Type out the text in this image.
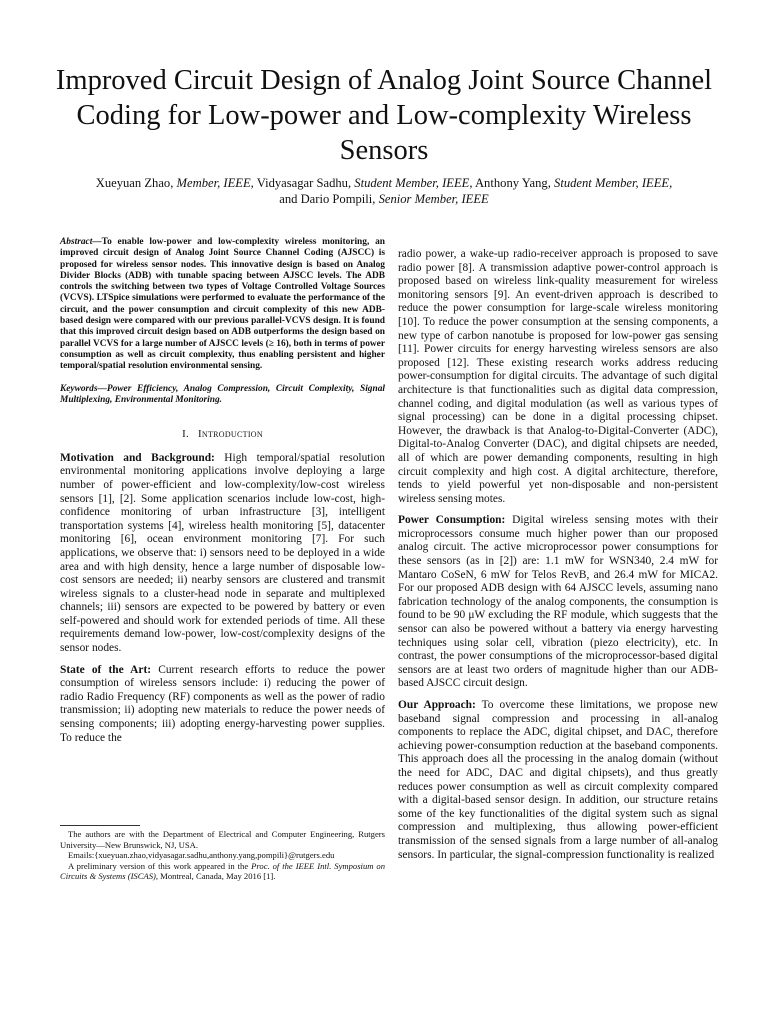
Improved Circuit Design of Analog Joint Source Channel Coding for Low-power and Low-complexity Wireless Sensors
Xueyuan Zhao, Member, IEEE, Vidyasagar Sadhu, Student Member, IEEE, Anthony Yang, Student Member, IEEE,
and Dario Pompili, Senior Member, IEEE

Abstract—To enable low-power and low-complexity wireless monitoring, an improved circuit design of Analog Joint Source Channel Coding (AJSCC) is proposed for wireless sensor nodes. This innovative design is based on Analog Divider Blocks (ADB) with tunable spacing between AJSCC levels. The ADB controls the switching between two types of Voltage Controlled Voltage Sources (VCVS). LTSpice simulations were performed to evaluate the performance of the circuit, and the power consumption and circuit complexity of this new ADB-based design were compared with our previous parallel-VCVS design. It is found that this improved circuit design based on ADB outperforms the design based on parallel VCVS for a large number of AJSCC levels (≥ 16), both in terms of power consumption as well as circuit complexity, thus enabling persistent and higher temporal/spatial resolution environmental sensing.

Keywords—Power Efficiency, Analog Compression, Circuit Complexity, Signal Multiplexing, Environmental Monitoring.

I. Introduction

Motivation and Background: High temporal/spatial resolution environmental monitoring applications involve deploying a large number of power-efficient and low-complexity/low-cost wireless sensors [1], [2]. Some application scenarios include low-cost, high-confidence monitoring of urban infrastructure [3], intelligent transportation systems [4], wireless health monitoring [5], datacenter monitoring [6], ocean environment monitoring [7]. For such applications, we observe that: i) sensors need to be deployed in a wide area and with high density, hence a large number of disposable low-cost sensors are needed; ii) nearby sensors are clustered and transmit wireless signals to a cluster-head node in separate and multiplexed channels; iii) sensors are expected to be powered by battery or even self-powered and should work for extended periods of time. All these requirements demand low-power, low-cost/complexity designs of the sensor nodes.

State of the Art: Current research efforts to reduce the power consumption of wireless sensors include: i) reducing the power of radio Radio Frequency (RF) components as well as the power of radio transmission; ii) adopting new materials to reduce the power needs of sensing components; iii) adopting energy-harvesting power supplies. To reduce the

radio power, a wake-up radio-receiver approach is proposed to save radio power [8]. A transmission adaptive power-control approach is proposed based on wireless link-quality measurement for wireless monitoring sensors [9]. An event-driven approach is described to reduce the power consumption for large-scale wireless monitoring [10]. To reduce the power consumption at the sensing components, a new type of carbon nanotube is proposed for low-power gas sensing [11]. Power circuits for energy harvesting wireless sensors are also proposed [12]. These existing research works address reducing power-consumption for digital circuits. The advantage of such digital architecture is that functionalities such as digital data compression, channel coding, and digital modulation (as well as various types of signal processing) can be done in a digital processing chipset. However, the drawback is that Analog-to-Digital-Converter (ADC), Digital-to-Analog Converter (DAC), and digital chipsets are needed, all of which are power demanding components, resulting in high circuit complexity and high cost. A digital architecture, therefore, tends to yield powerful yet non-disposable and non-persistent wireless sensing motes.

Power Consumption: Digital wireless sensing motes with their microprocessors consume much higher power than our proposed analog circuit. The active microprocessor power consumptions for these sensors (as in [2]) are: 1.1 mW for WSN340, 2.4 mW for Mantaro CoSeN, 6 mW for Telos RevB, and 26.4 mW for MICA2. For our proposed ADB design with 64 AJSCC levels, assuming nano fabrication technology of the analog components, the consumption is found to be 90 μW excluding the RF module, which suggests that the sensor can also be powered without a battery via energy harvesting techniques using solar cell, vibration (piezo electricity), etc. In contrast, the power consumptions of the microprocessor-based digital sensors are at least two orders of magnitude higher than our ADB-based AJSCC circuit design.

Our Approach: To overcome these limitations, we propose new baseband signal compression and processing in all-analog components to replace the ADC, digital chipset, and DAC, therefore achieving power-consumption reduction at the baseband components. This approach does all the processing in the analog domain (without the need for ADC, DAC and digital chipsets), and thus greatly reduces power consumption as well as circuit complexity compared with a digital-based sensor design. In addition, our structure retains some of the key functionalities of the digital system such as signal compression and multiplexing, thus allowing power-efficient transmission of the sensed signals from a large number of all-analog sensors. In particular, the signal-compression functionality is realized

The authors are with the Department of Electrical and Computer Engineering, Rutgers University—New Brunswick, NJ, USA.

Emails:{xueyuan.zhao,vidyasagar.sadhu,anthony.yang,pompili}@rutgers.edu

A preliminary version of this work appeared in the Proc. of the IEEE Intl. Symposium on Circuits & Systems (ISCAS), Montreal, Canada, May 2016 [1].
